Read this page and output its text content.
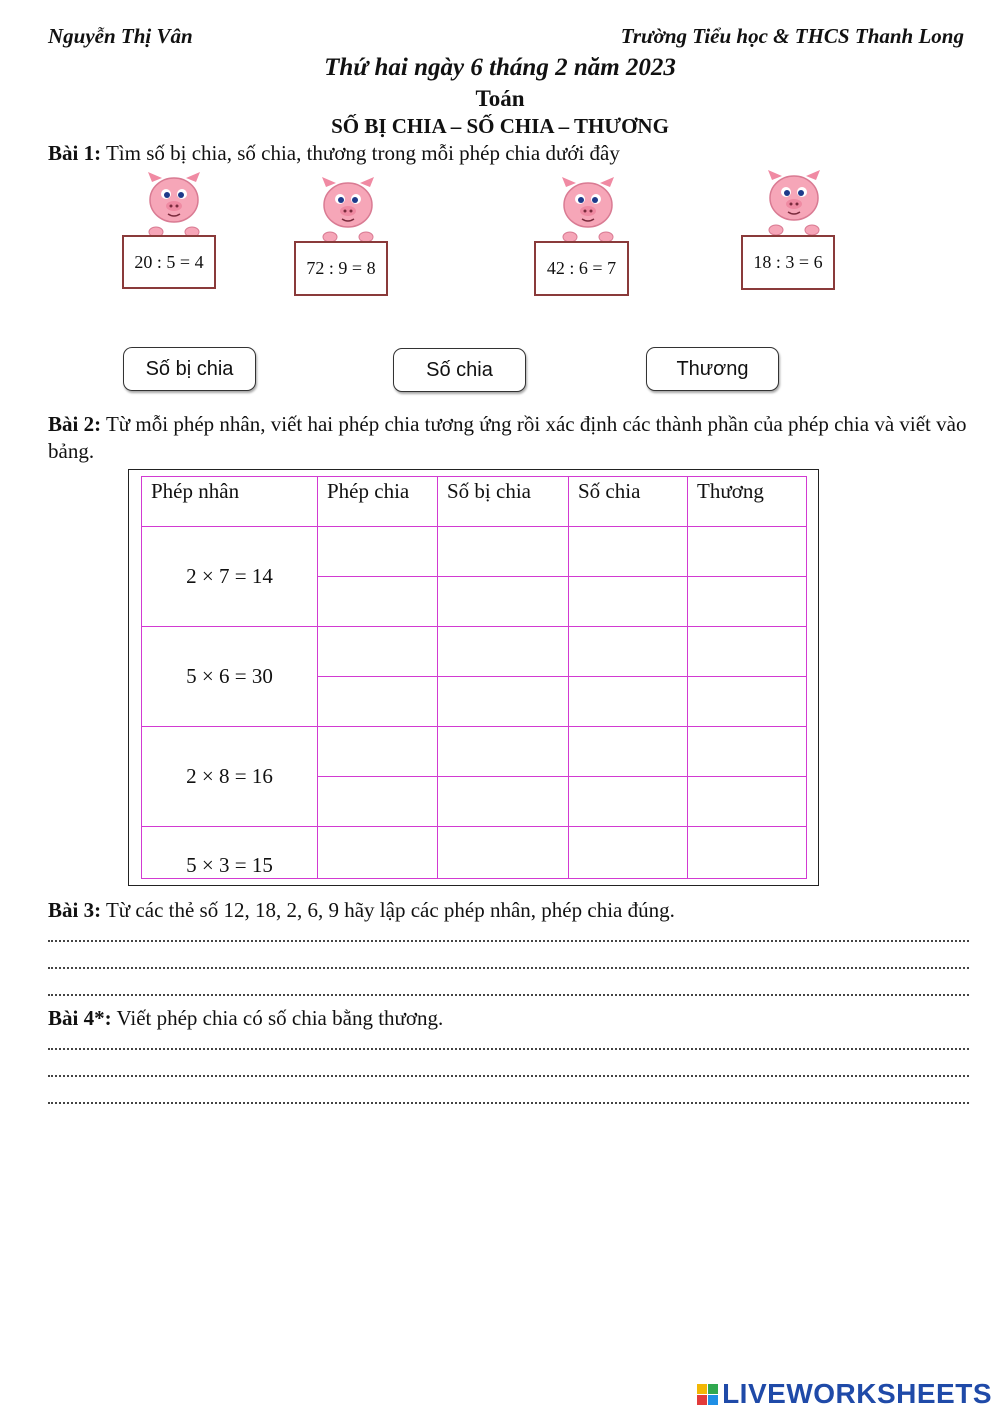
Nguyễn Thị Vân	Trường Tiểu học & THCS Thanh Long
Thứ hai ngày 6 tháng 2 năm 2023
Toán
SỐ BỊ CHIA – SỐ CHIA – THƯƠNG
Bài 1: Tìm số bị chia, số chia, thương trong mỗi phép chia dưới đây
20 : 5 = 4	72 : 9 = 8	42 : 6 = 7	18 : 3 = 6
Số bị chia	Số chia	Thương
Bài 2: Từ mỗi phép nhân, viết hai phép chia tương ứng rồi xác định các thành phần của phép chia và viết vào bảng.
Phép nhân	Phép chia	Số bị chia	Số chia	Thương
2 × 7 = 14				

5 × 6 = 30				

2 × 8 = 16				

5 × 3 = 15				
Bài 3: Từ các thẻ số 12, 18, 2, 6, 9 hãy lập các phép nhân, phép chia đúng.
Bài 4*: Viết phép chia có số chia bằng thương.
LIVEWORKSHEETS
